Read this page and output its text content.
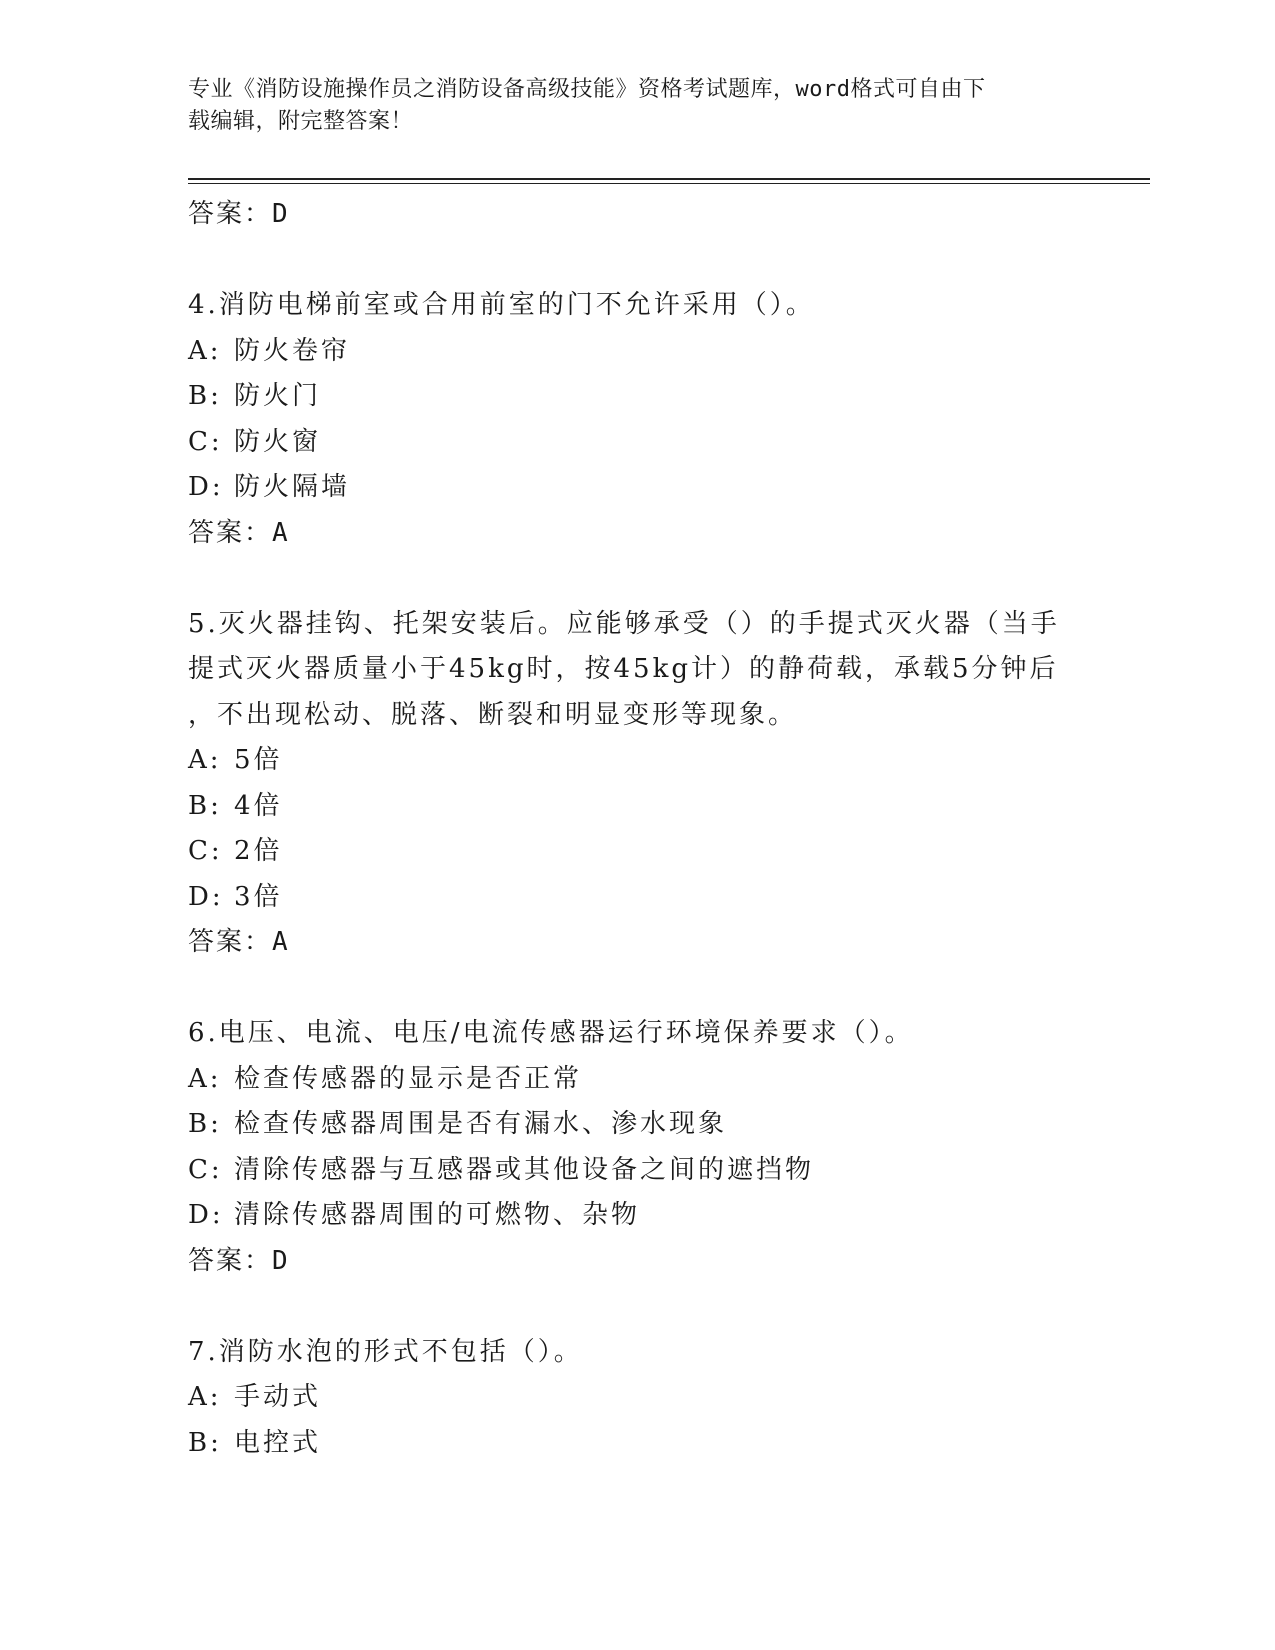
专业《消防设施操作员之消防设备高级技能》资格考试题库，word格式可自由下
载编辑，附完整答案！
答案：D
4.消防电梯前室或合用前室的门不允许采用（）。
A: 防火卷帘
B: 防火门
C: 防火窗
D: 防火隔墙
答案：A
5.灭火器挂钩、托架安装后。应能够承受（）的手提式灭火器（当手
提式灭火器质量小于45kg时，按45kg计）的静荷载，承载5分钟后
，不出现松动、脱落、断裂和明显变形等现象。
A: 5倍
B: 4倍
C: 2倍
D: 3倍
答案：A
6.电压、电流、电压/电流传感器运行环境保养要求（）。
A: 检查传感器的显示是否正常
B: 检查传感器周围是否有漏水、渗水现象
C: 清除传感器与互感器或其他设备之间的遮挡物
D: 清除传感器周围的可燃物、杂物
答案：D
7.消防水泡的形式不包括（）。
A: 手动式
B: 电控式
